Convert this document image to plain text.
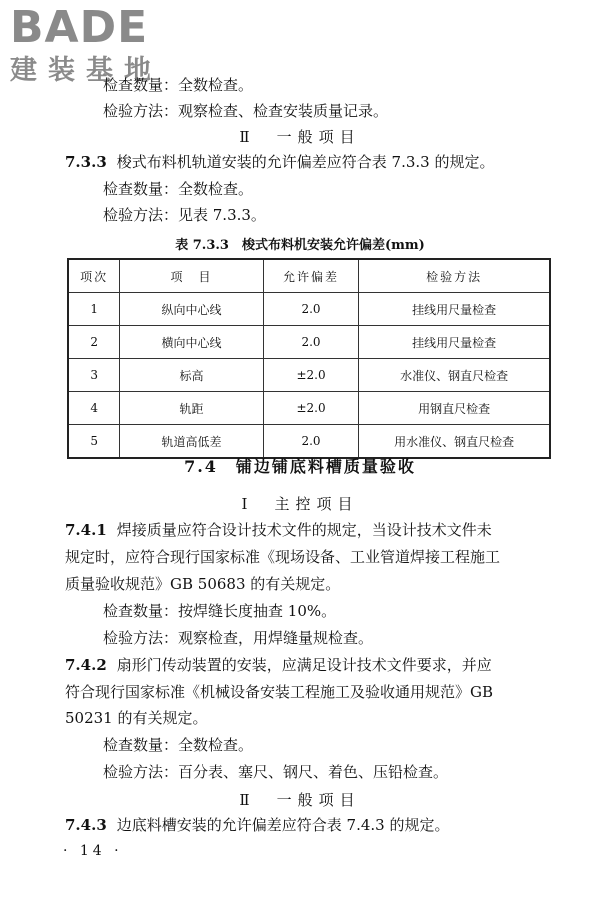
BADE
建装基地
检查数量：全数检查。
检验方法：观察检查、检查安装质量记录。
Ⅱ　一般项目
7.3.3 梭式布料机轨道安装的允许偏差应符合表 7.3.3 的规定。
检查数量：全数检查。
检验方法：见表 7.3.3。
表 7.3.3　梭式布料机安装允许偏差(mm)
项次	项　目	允许偏差	检验方法
1	纵向中心线	2.0	挂线用尺量检查
2	横向中心线	2.0	挂线用尺量检查
3	标高	±2.0	水准仪、钢直尺检查
4	轨距	±2.0	用钢直尺检查
5	轨道高低差	2.0	用水准仪、钢直尺检查
7.4　铺边铺底料槽质量验收
Ⅰ　主控项目
7.4.1 焊接质量应符合设计技术文件的规定，当设计技术文件未
规定时，应符合现行国家标准《现场设备、工业管道焊接工程施工
质量验收规范》GB 50683 的有关规定。
检查数量：按焊缝长度抽查 10%。
检验方法：观察检查，用焊缝量规检查。
7.4.2 扇形门传动装置的安装，应满足设计技术文件要求，并应
符合现行国家标准《机械设备安装工程施工及验收通用规范》GB
50231 的有关规定。
检查数量：全数检查。
检验方法：百分表、塞尺、钢尺、着色、压铅检查。
Ⅱ　一般项目
7.4.3 边底料槽安装的允许偏差应符合表 7.4.3 的规定。
· 14 ·
